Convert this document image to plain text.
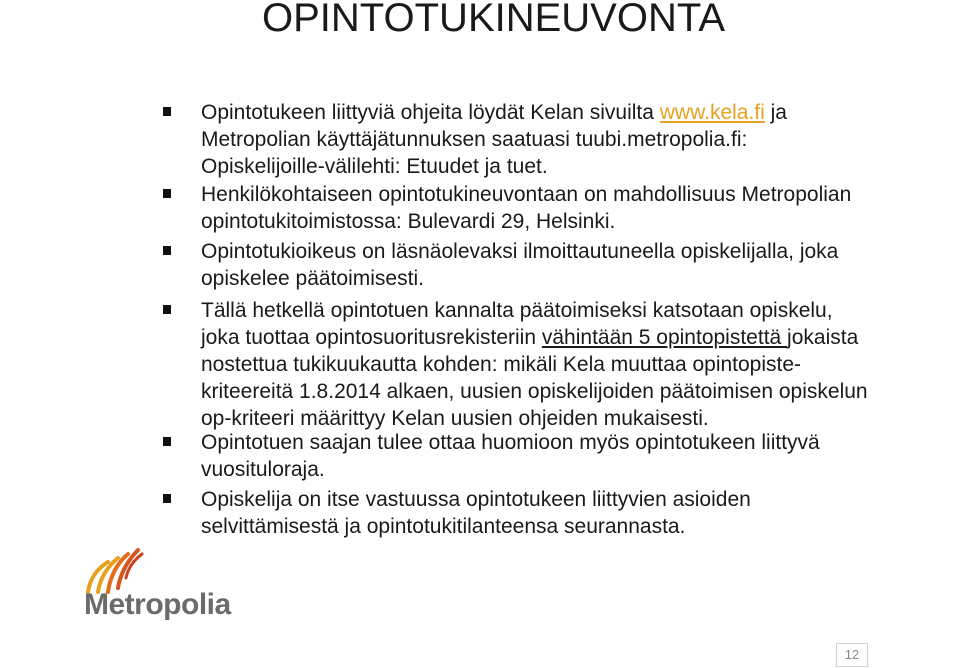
OPINTOTUKINEUVONTA
Opintotukeen liittyviä ohjeita löydät Kelan sivuilta www.kela.fi ja
Metropolian käyttäjätunnuksen saatuasi tuubi.metropolia.fi:
Opiskelijoille-välilehti: Etuudet ja tuet.
Henkilökohtaiseen opintotukineuvontaan on mahdollisuus Metropolian
opintotukitoimistossa: Bulevardi 29, Helsinki.
Opintotukioikeus on läsnäolevaksi ilmoittautuneella opiskelijalla, joka
opiskelee päätoimisesti.
Tällä hetkellä opintotuen kannalta päätoimiseksi katsotaan opiskelu,
joka tuottaa opintosuoritusrekisteriin vähintään 5 opintopistettä jokaista
nostettua tukikuukautta kohden: mikäli Kela muuttaa opintopiste-
kriteereitä 1.8.2014 alkaen, uusien opiskelijoiden päätoimisen opiskelun
op-kriteeri määrittyy Kelan uusien ohjeiden mukaisesti.
Opintotuen saajan tulee ottaa huomioon myös opintotukeen liittyvä
vuosituloraja.
Opiskelija on itse vastuussa opintotukeen liittyvien asioiden
selvittämisestä ja opintotukitilanteensa seurannasta.
Metropolia
12
